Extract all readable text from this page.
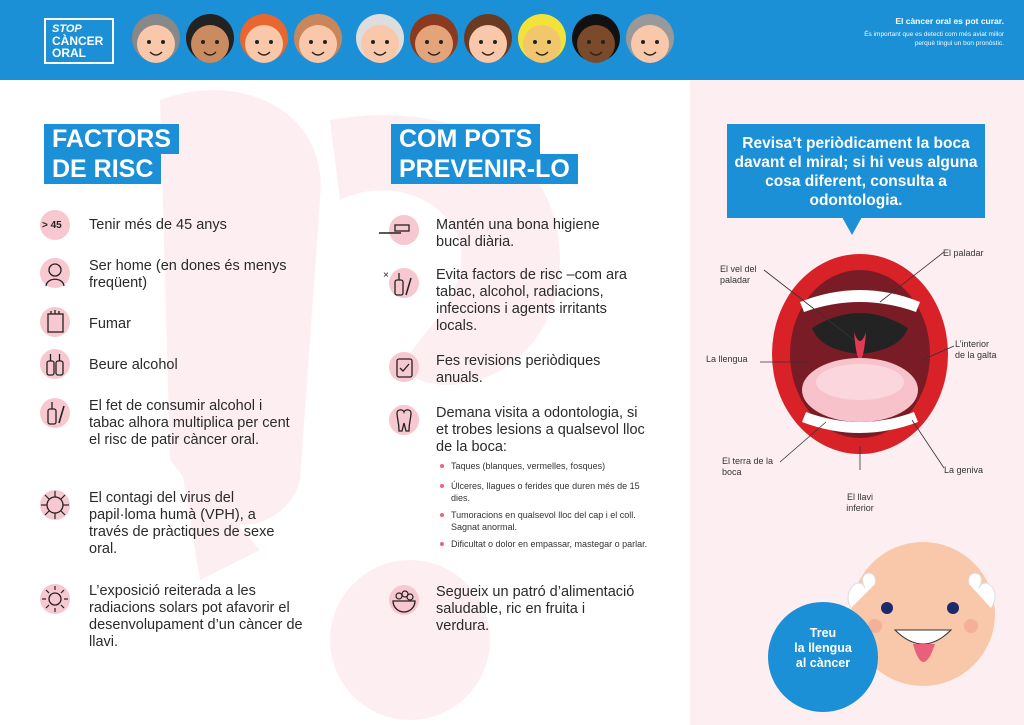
STOP
CÀNCER
ORAL
El càncer oral es pot curar.
És important que es detecti com més aviat millor perquè tingui un bon pronòstic.
FACTORS
DE RISC
> 45 Tenir més de 45 anys
Ser home (en dones és menys freqüent)
Fumar
Beure alcohol
El fet de consumir alcohol i tabac alhora multiplica per cent el risc de patir càncer oral.
El contagi del virus del papil·loma humà (VPH), a través de pràctiques de sexe oral.
L’exposició reiterada a les radiacions solars pot afavorir el desenvolupament d’un càncer de llavi.
COM POTS
PREVENIR-LO
Mantén una bona higiene bucal diària.
×	Evita factors de risc –com ara tabac, alcohol, radiacions, infeccions i agents irritants locals.
Fes revisions periòdiques anuals.
Demana visita a odontologia, si et trobes lesions a qualsevol lloc de la boca:
Taques (blanques, vermelles, fosques)
Úlceres, llagues o ferides que duren més de 15 dies.
Tumoracions en qualsevol lloc del cap i el coll. Sagnat anormal.
Dificultat o dolor en empassar, mastegar o parlar.
Segueix un patró d’alimentació saludable, ric en fruita i verdura.
Revisa’t periòdicament la boca davant el miral; si hi veus alguna cosa diferent, consulta a odontologia.
El vel del paladar
El paladar
La llengua
L’interior de la galta
El terra de la boca	La geniva
El llavi inferior
Treu
la llengua
al càncer
